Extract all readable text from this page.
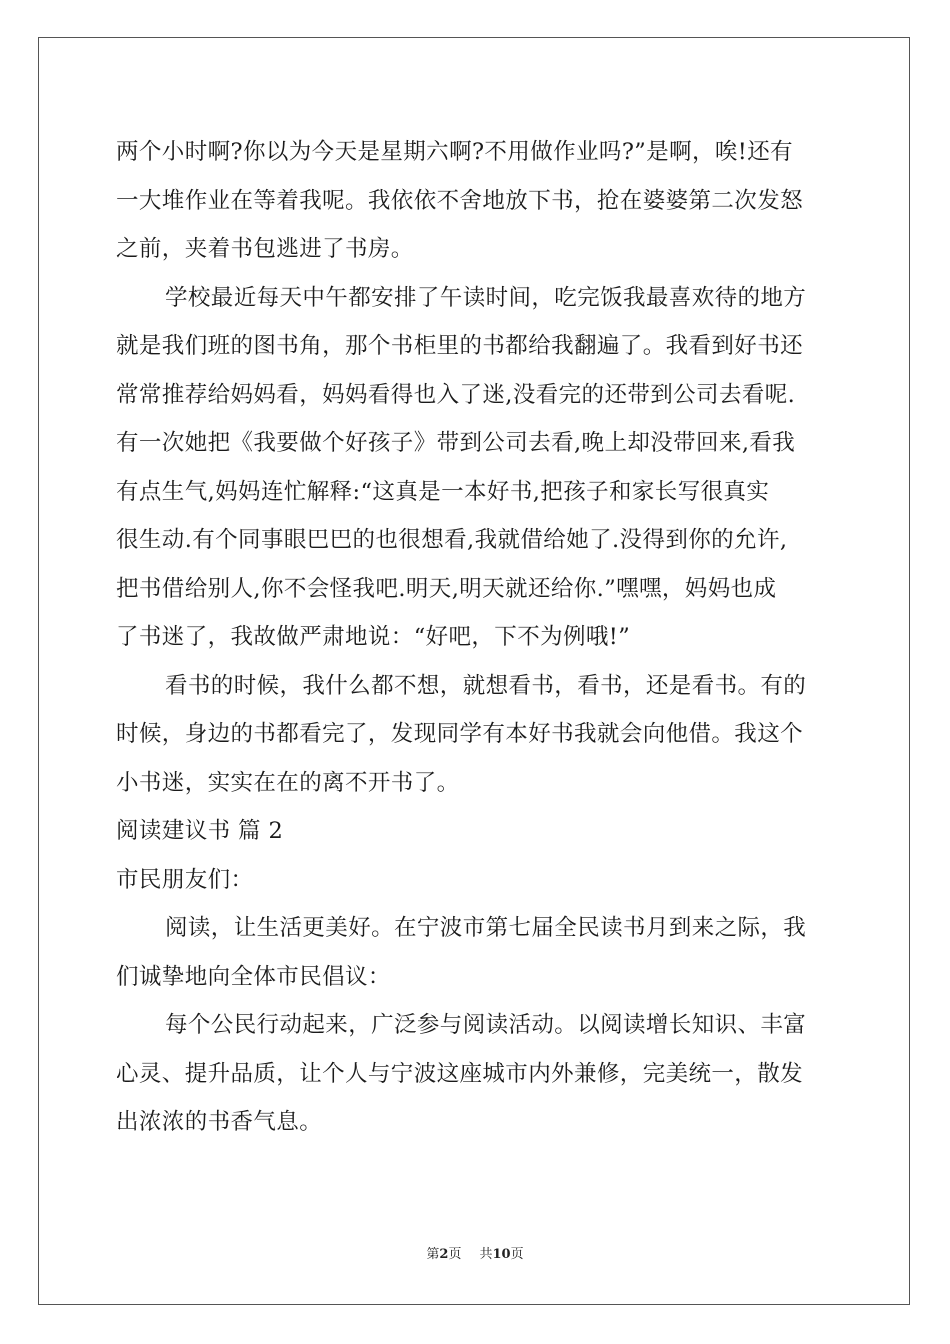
两个小时啊?你以为今天是星期六啊?不用做作业吗?”是啊，唉!还有
一大堆作业在等着我呢。我依依不舍地放下书，抢在婆婆第二次发怒
之前，夹着书包逃进了书房。
学校最近每天中午都安排了午读时间，吃完饭我最喜欢待的地方
就是我们班的图书角，那个书柜里的书都给我翻遍了。我看到好书还
常常推荐给妈妈看，妈妈看得也入了迷,没看完的还带到公司去看呢.
有一次她把《我要做个好孩子》带到公司去看,晚上却没带回来,看我
有点生气,妈妈连忙解释:“这真是一本好书,把孩子和家长写很真实
很生动.有个同事眼巴巴的也很想看,我就借给她了.没得到你的允许,
把书借给别人,你不会怪我吧.明天,明天就还给你.”嘿嘿，妈妈也成
了书迷了，我故做严肃地说：“好吧，下不为例哦!”
看书的时候，我什么都不想，就想看书，看书，还是看书。有的
时候，身边的书都看完了，发现同学有本好书我就会向他借。我这个
小书迷，实实在在的离不开书了。
阅读建议书 篇 2
市民朋友们：
阅读，让生活更美好。在宁波市第七届全民读书月到来之际，我
们诚挚地向全体市民倡议：
每个公民行动起来，广泛参与阅读活动。以阅读增长知识、丰富
心灵、提升品质，让个人与宁波这座城市内外兼修，完美统一，散发
出浓浓的书香气息。
第2页 共10页
